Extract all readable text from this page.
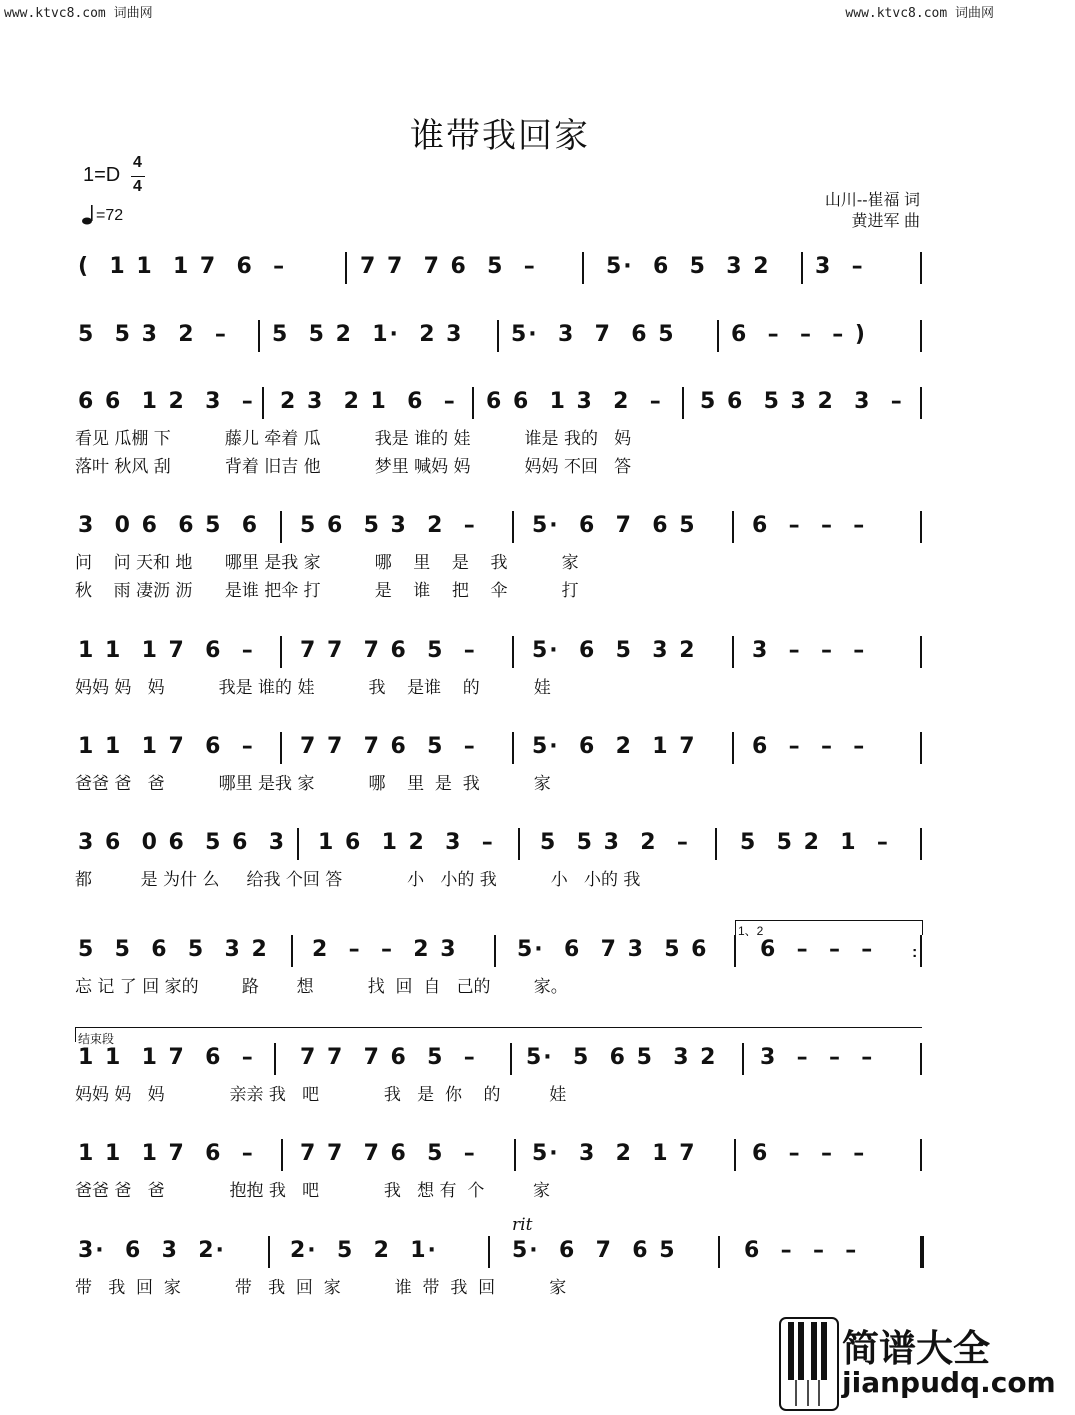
www.ktvc8.com 词曲网	www.ktvc8.com 词曲网
谁带我回家
1=D
4
4
=72
山川--崔福 词
黄进军 曲
(  1 1  1 7  6  –	7 7  7 6  5  –	5·  6  5  3 2 3  –
5  5 3  2  – 5  5 2  1·  2 3 5·  3  7  6 5	6  –  –  – )
6 6  1 2  3  – 2 3  2 1  6  – 6 6  1 3  2  – 5 6  5 3 2  3  –
看见 瓜棚 下          藤儿 牵着 瓜          我是 谁的 娃          谁是 我的   妈
落叶 秋风 刮          背着 旧吉 他          梦里 喊妈 妈          妈妈 不回   答
3  0 6  6 5  6 5 6  5 3  2  –	5·  6  7  6 5	6  –  –  –
问    问 天和 地      哪里 是我 家          哪    里    是    我          家
秋    雨 凄沥 沥      是谁 把伞 打          是    谁    把    伞          打
1 1  1 7  6  – 7 7  7 6  5  –	5·  6  5  3 2	3  –  –  –
妈妈 妈   妈          我是 谁的 娃          我    是谁    的          娃
1 1  1 7  6  – 7 7  7 6  5  –	5·  6  2  1 7	6  –  –  –
爸爸 爸   爸          哪里 是我 家          哪    里  是  我          家
3 6  0 6  5 6  3 1 6  1 2  3  – 5  5 3  2  – 5  5 2  1  –
都         是 为什 么     给我 个回 答            小   小的 我          小   小的 我
5  5  6  5  3 2 2  –  –  2 3	5·  6  7 3  5 6 6  –  –  –
忘 记 了 回 家的        路       想          找  回  自   己的        家。
1 1  1 7  6  – 7 7  7 6  5  – 5·  5  6 5  3 2 3  –  –  –
妈妈 妈   妈            亲亲 我   吧            我   是  你    的         娃
1 1  1 7  6  – 7 7  7 6  5  –	5·  3  2  1 7	6  –  –  –
爸爸 爸   爸            抱抱 我   吧            我   想 有  个         家
3·  6  3  2·	2·  5  2  1·	5·  6  7  6 5	6  –  –  –
带   我  回  家          带   我  回  家          谁  带  我  回          家
rit
1、2
结束段
简谱大全
jianpudq.com
:
